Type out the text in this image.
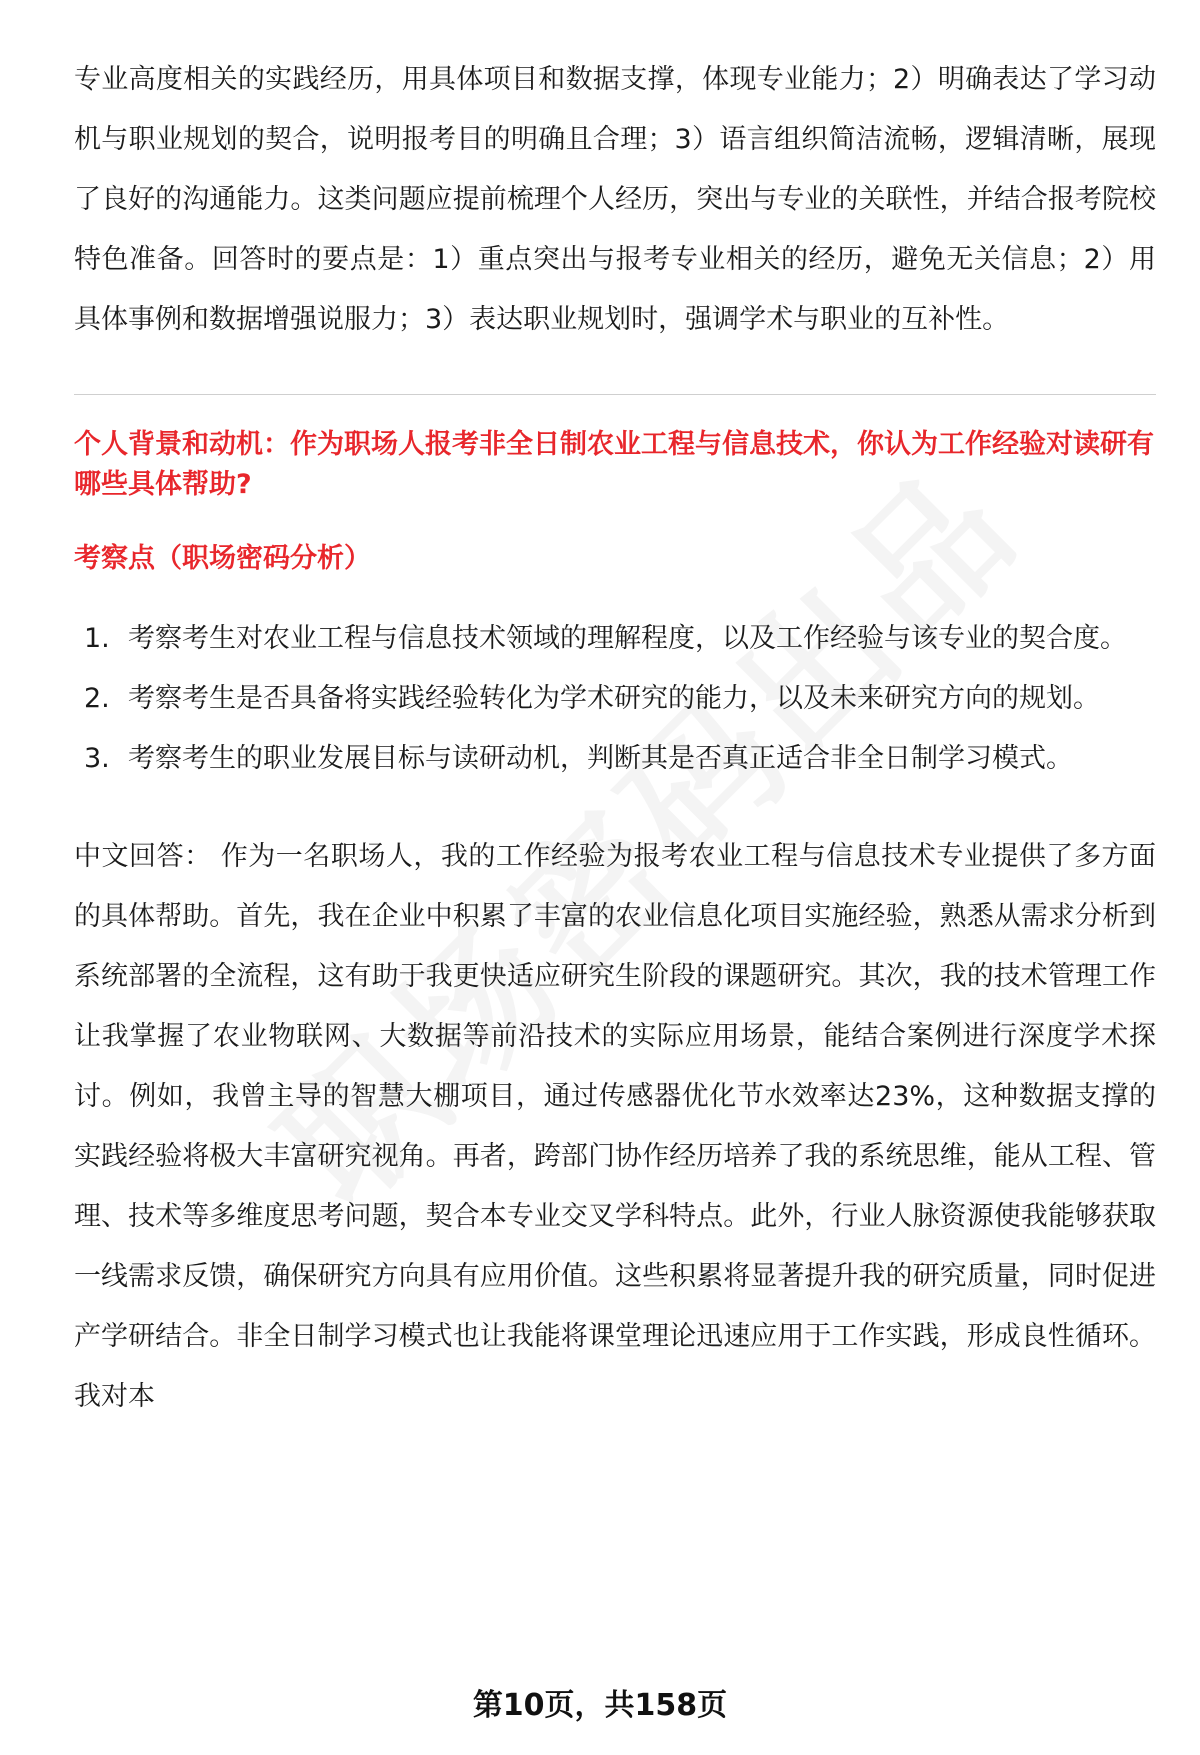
专业高度相关的实践经历，用具体项目和数据支撑，体现专业能力；2）明确表达了学习动机与职业规划的契合，说明报考目的明确且合理；3）语言组织简洁流畅，逻辑清晰，展现了良好的沟通能力。这类问题应提前梳理个人经历，突出与专业的关联性，并结合报考院校特色准备。回答时的要点是：1）重点突出与报考专业相关的经历，避免无关信息；2）用具体事例和数据增强说服力；3）表达职业规划时，强调学术与职业的互补性。

个人背景和动机：作为职场人报考非全日制农业工程与信息技术，你认为工作经验对读研有哪些具体帮助?

考察点（职场密码分析）

1. 考察考生对农业工程与信息技术领域的理解程度，以及工作经验与该专业的契合度。
2. 考察考生是否具备将实践经验转化为学术研究的能力，以及未来研究方向的规划。
3. 考察考生的职业发展目标与读研动机，判断其是否真正适合非全日制学习模式。

中文回答： 作为一名职场人，我的工作经验为报考农业工程与信息技术专业提供了多方面的具体帮助。首先，我在企业中积累了丰富的农业信息化项目实施经验，熟悉从需求分析到系统部署的全流程，这有助于我更快适应研究生阶段的课题研究。其次，我的技术管理工作让我掌握了农业物联网、大数据等前沿技术的实际应用场景，能结合案例进行深度学术探讨。例如，我曾主导的智慧大棚项目，通过传感器优化节水效率达23%，这种数据支撑的实践经验将极大丰富研究视角。再者，跨部门协作经历培养了我的系统思维，能从工程、管理、技术等多维度思考问题，契合本专业交叉学科特点。此外，行业人脉资源使我能够获取一线需求反馈，确保研究方向具有应用价值。这些积累将显著提升我的研究质量，同时促进产学研结合。非全日制学习模式也让我能将课堂理论迅速应用于工作实践，形成良性循环。我对本

第10页，共158页
